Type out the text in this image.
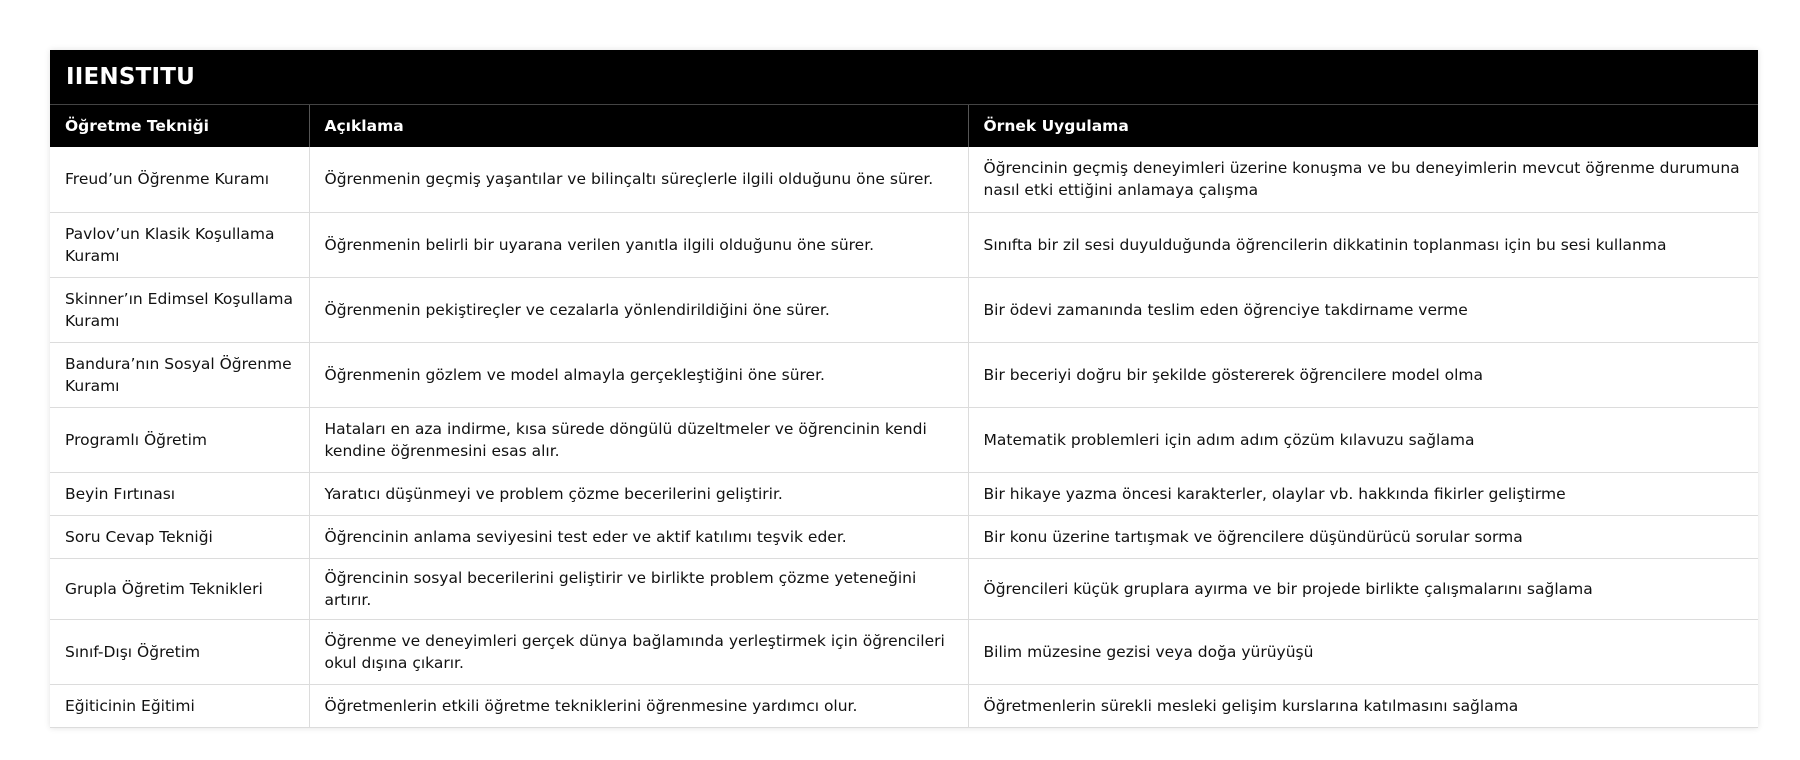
IIENSTITU
Öğretme Tekniği	Açıklama	Örnek Uygulama
Freud’un Öğrenme Kuramı	Öğrenmenin geçmiş yaşantılar ve bilinçaltı süreçlerle ilgili olduğunu öne sürer.	Öğrencinin geçmiş deneyimleri üzerine konuşma ve bu deneyimlerin mevcut öğrenme durumuna nasıl etki ettiğini anlamaya çalışma
Pavlov’un Klasik Koşullama Kuramı	Öğrenmenin belirli bir uyarana verilen yanıtla ilgili olduğunu öne sürer.	Sınıfta bir zil sesi duyulduğunda öğrencilerin dikkatinin toplanması için bu sesi kullanma
Skinner’ın Edimsel Koşullama Kuramı	Öğrenmenin pekiştireçler ve cezalarla yönlendirildiğini öne sürer.	Bir ödevi zamanında teslim eden öğrenciye takdirname verme
Bandura’nın Sosyal Öğrenme Kuramı	Öğrenmenin gözlem ve model almayla gerçekleştiğini öne sürer.	Bir beceriyi doğru bir şekilde göstererek öğrencilere model olma
Programlı Öğretim	Hataları en aza indirme, kısa sürede döngülü düzeltmeler ve öğrencinin kendi kendine öğrenmesini esas alır.	Matematik problemleri için adım adım çözüm kılavuzu sağlama
Beyin Fırtınası	Yaratıcı düşünmeyi ve problem çözme becerilerini geliştirir.	Bir hikaye yazma öncesi karakterler, olaylar vb. hakkında fikirler geliştirme
Soru Cevap Tekniği	Öğrencinin anlama seviyesini test eder ve aktif katılımı teşvik eder.	Bir konu üzerine tartışmak ve öğrencilere düşündürücü sorular sorma
Grupla Öğretim Teknikleri	Öğrencinin sosyal becerilerini geliştirir ve birlikte problem çözme yeteneğini artırır.	Öğrencileri küçük gruplara ayırma ve bir projede birlikte çalışmalarını sağlama
Sınıf-Dışı Öğretim	Öğrenme ve deneyimleri gerçek dünya bağlamında yerleştirmek için öğrencileri okul dışına çıkarır.	Bilim müzesine gezisi veya doğa yürüyüşü
Eğiticinin Eğitimi	Öğretmenlerin etkili öğretme tekniklerini öğrenmesine yardımcı olur.	Öğretmenlerin sürekli mesleki gelişim kurslarına katılmasını sağlama
